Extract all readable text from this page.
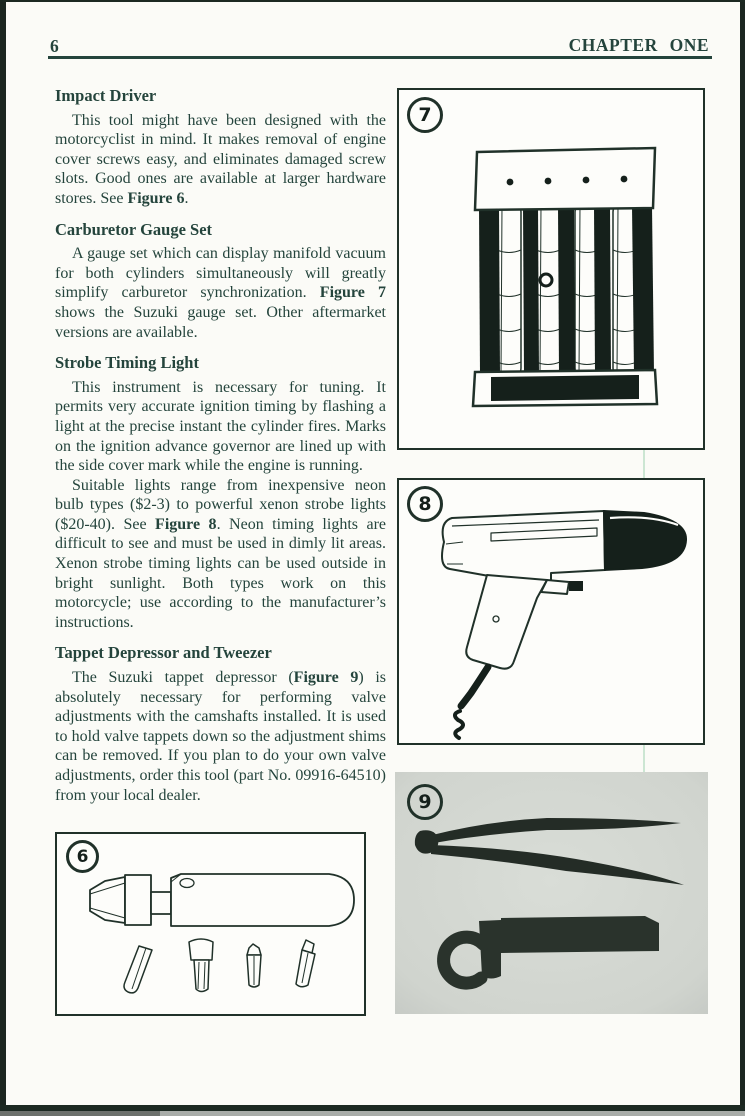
6	CHAPTER ONE
Impact Driver

This tool might have been designed with the motorcyclist in mind. It makes removal of engine cover screws easy, and eliminates damaged screw slots. Good ones are available at larger hardware stores. See Figure 6.

Carburetor Gauge Set

A gauge set which can display manifold vacuum for both cylinders simultaneously will greatly simplify carburetor synchronization. Figure 7 shows the Suzuki gauge set. Other aftermarket versions are available.

Strobe Timing Light

This instrument is necessary for tuning. It permits very accurate ignition timing by flashing a light at the precise instant the cylinder fires. Marks on the ignition advance governor are lined up with the side cover mark while the engine is running.

Suitable lights range from inexpensive neon bulb types ($2-3) to powerful xenon strobe lights ($20-40). See Figure 8. Neon timing lights are difficult to see and must be used in dimly lit areas. Xenon strobe timing lights can be used outside in bright sunlight. Both types work on this motorcycle; use according to the manufacturer’s instructions.

Tappet Depressor and Tweezer

The Suzuki tappet depressor (Figure 9) is absolutely necessary for performing valve adjustments with the camshafts installed. It is used to hold valve tappets down so the adjustment shims can be removed. If you plan to do your own valve adjustments, order this tool (part No. 09916-64510) from your local dealer.

7
8
9
6
